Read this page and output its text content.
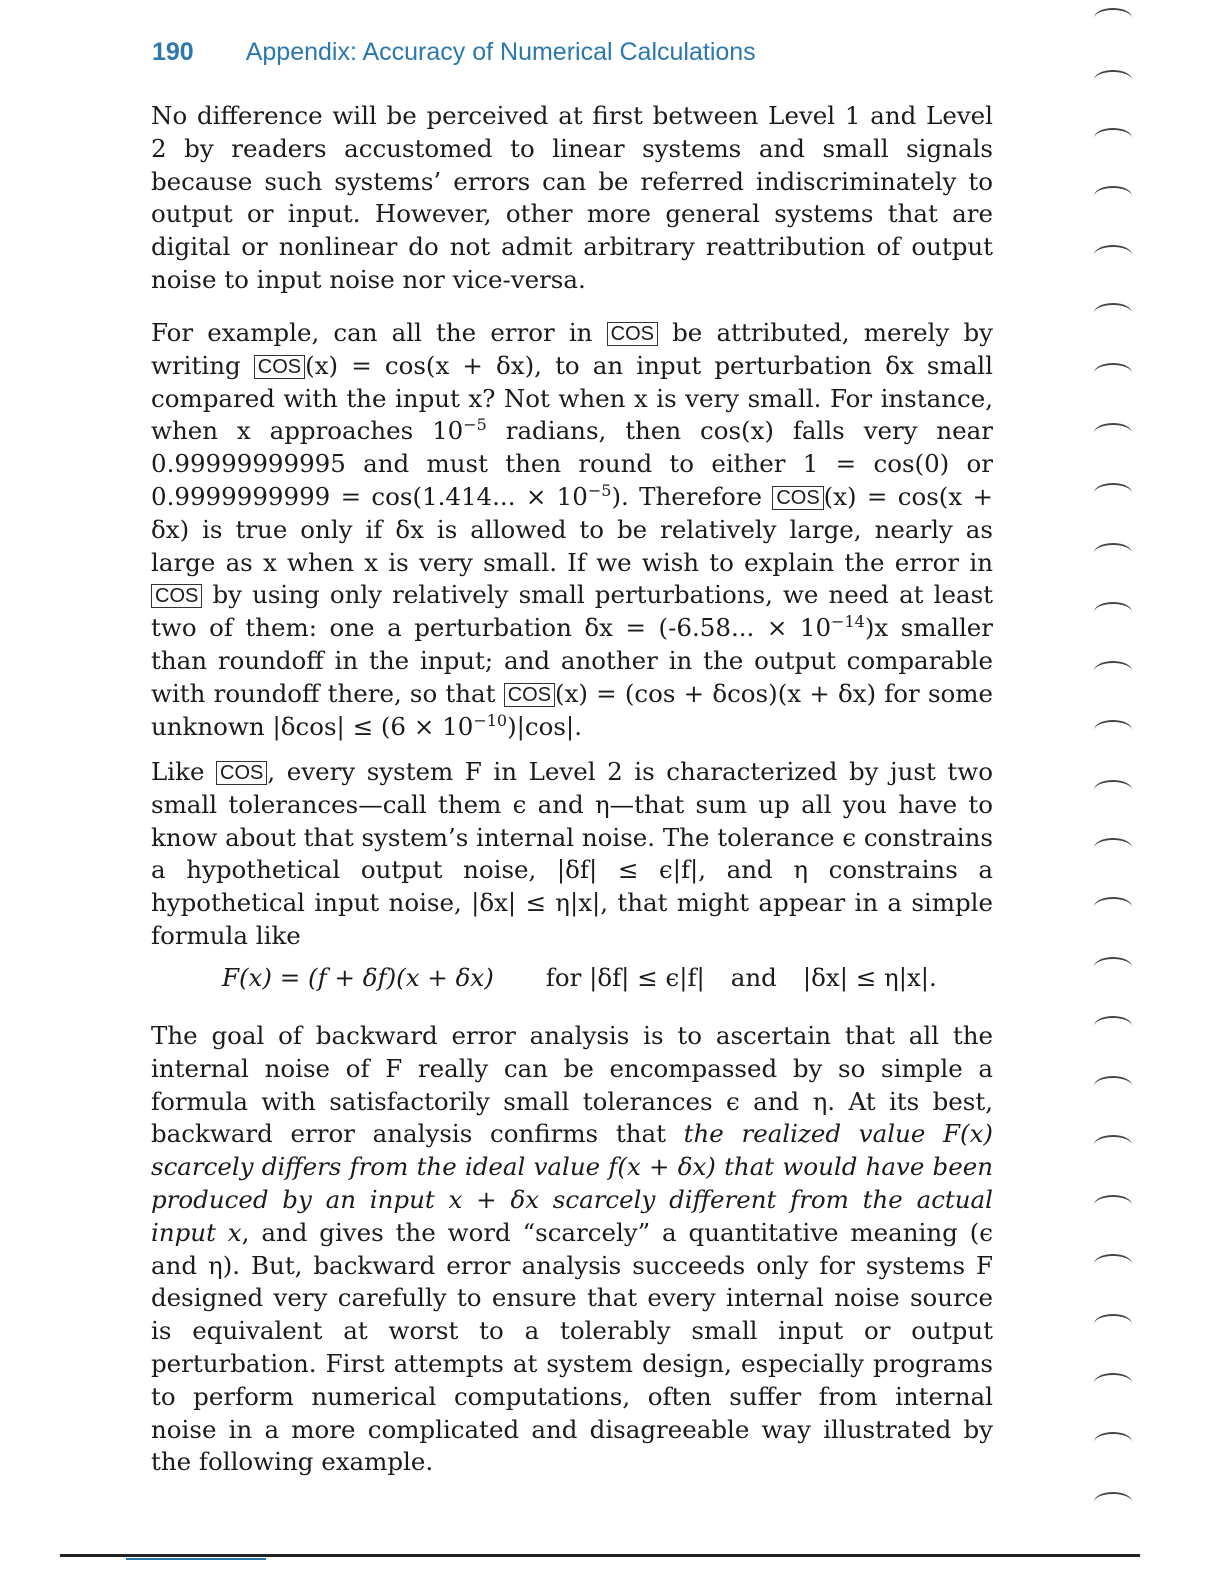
190 Appendix: Accuracy of Numerical Calculations
No difference will be perceived at first between Level 1 and Level 2 by readers accustomed to linear systems and small signals because such systems’ errors can be referred indiscriminately to output or input. However, other more general systems that are digital or nonlinear do not admit arbitrary reattribution of output noise to input noise nor vice-versa.
For example, can all the error in COS be attributed, merely by writing COS (x) = cos(x + δx), to an input perturbation δx small compared with the input x? Not when x is very small. For instance, when x approaches $10^{-5}$ radians, then cos(x) falls very near 0.99999999995 and must then round to either 1 = cos(0) or 0.9999999999 = cos(1.414... × $10^{-5}$). Therefore COS (x) = cos(x + δx) is true only if δx is allowed to be relatively large, nearly as large as x when x is very small. If we wish to explain the error in COS by using only relatively small perturbations, we need at least two of them: one a perturbation δx = (-6.58... × $10^{-14})x$ smaller than roundoff in the input; and another in the output comparable with roundoff there, so that COS (x) = (cos + δcos)(x + δx) for some unknown $|\delta\cos| \le (6 \times 10^{-10})|\cos|$.
Like COS , every system F in Level 2 is characterized by just two small tolerances—call them ϵ and η—that sum up all you have to know about that system’s internal noise. The tolerance ϵ constrains a hypothetical output noise, |δf| ≤ ϵ|f|, and η constrains a hypothetical input noise, |δx| ≤ η|x|, that might appear in a simple formula like
F(x) = (f + δf)(x + δx) for |δf| ≤ ϵ|f| and |δx| ≤ η|x|.
The goal of backward error analysis is to ascertain that all the internal noise of F really can be encompassed by so simple a formula with satisfactorily small tolerances ϵ and η. At its best, backward error analysis confirms that the realized value F(x) scarcely differs from the ideal value f(x + δx) that would have been produced by an input x + δx scarcely different from the actual input x, and gives the word “scarcely” a quantitative meaning (ϵ and η). But, backward error analysis succeeds only for systems F designed very carefully to ensure that every internal noise source is equivalent at worst to a tolerably small input or output perturbation. First attempts at system design, especially programs to perform numerical computations, often suffer from internal noise in a more complicated and disagreeable way illustrated by the following example.
